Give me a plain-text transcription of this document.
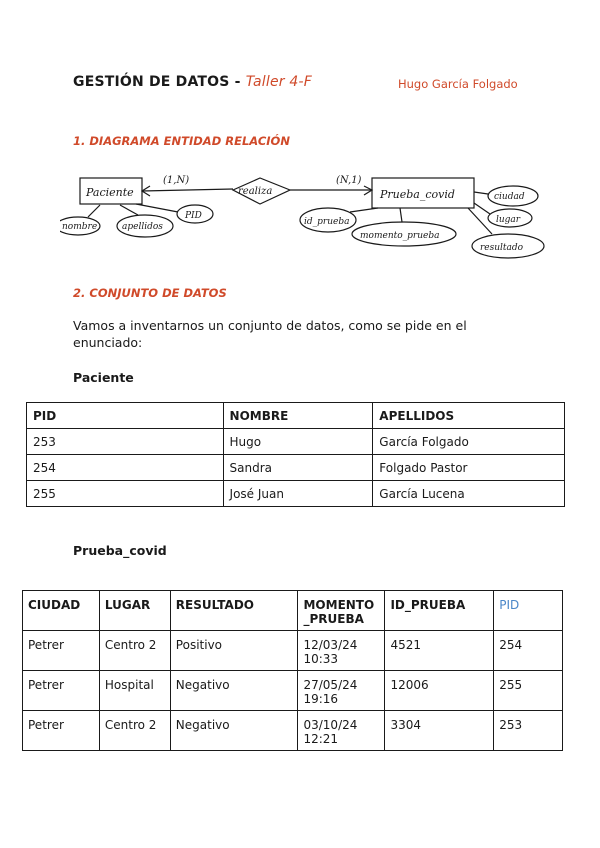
GESTIÓN DE DATOS - Taller 4-F	Hugo García Folgado
1. DIAGRAMA ENTIDAD RELACIÓN
Paciente	realiza	Prueba_covid
(1,N)	(N,1)
nombre	apellidos
PID
id_prueba
momento_prueba
ciudad
lugar
resultado
2. CONJUNTO DE DATOS
Vamos a inventarnos un conjunto de datos, como se pide en el enunciado:
Paciente
PID	NOMBRE	APELLIDOS
253	Hugo	García Folgado
254	Sandra	Folgado Pastor
255	José Juan	García Lucena
Prueba_covid
CIUDAD	LUGAR	RESULTADO	MOMENTO _PRUEBA	ID_PRUEBA	PID
Petrer	Centro 2	Positivo	12/03/24 10:33	4521	254
Petrer	Hospital	Negativo	27/05/24 19:16	12006	255
Petrer	Centro 2	Negativo	03/10/24 12:21	3304	253
